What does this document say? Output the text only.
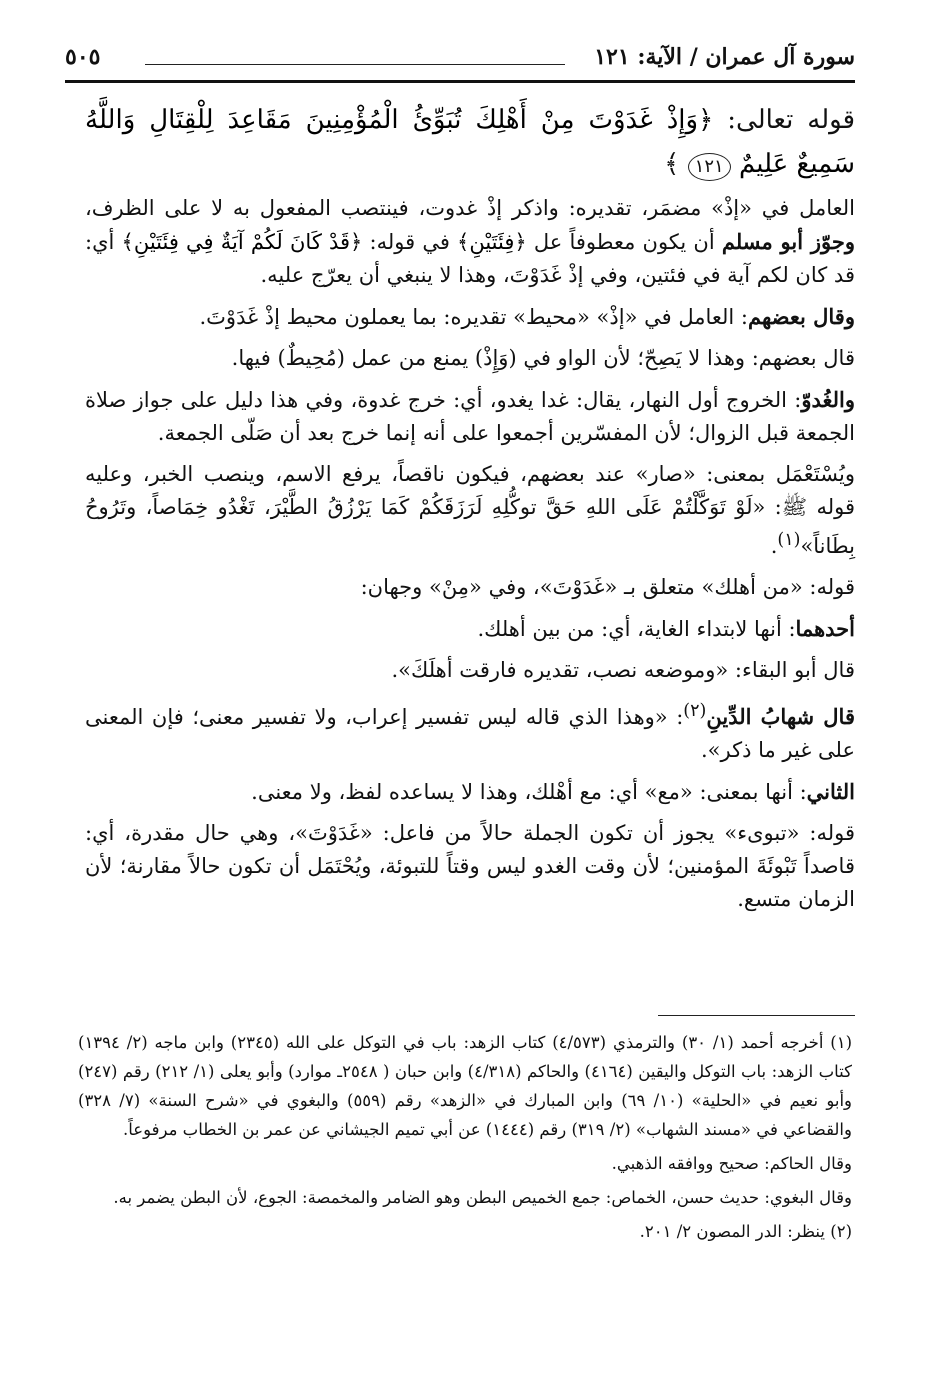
سورة آل عمران / الآية: ١٢١
٥٠٥

قوله تعالى: ﴿وَإِذْ غَدَوْتَ مِنْ أَهْلِكَ تُبَوِّئُ الْمُؤْمِنِينَ مَقَاعِدَ لِلْقِتَالِ وَاللَّهُ سَمِيعٌ عَلِيمٌ ١٢١ ﴾

العامل في «إذْ» مضمَر، تقديره: واذكر إذْ غدوت، فينتصب المفعول به لا على الظرف، وجوّز أبو مسلم أن يكون معطوفاً عل ﴿فِئَتَيْنِ﴾ في قوله: ﴿قَدْ كَانَ لَكُمْ آيَةٌ فِي فِئَتَيْنِ﴾ أي: قد كان لكم آية في فئتين، وفي إذْ غَدَوْتَ، وهذا لا ينبغي أن يعرّج عليه.

وقال بعضهم: العامل في «إذْ» «محيط» تقديره: بما يعملون محيط إذْ غَدَوْتَ.

قال بعضهم: وهذا لا يَصِحّ؛ لأن الواو في (وَإِذْ) يمنع من عمل (مُحِيطٌ) فيها.

والغُدوّ: الخروج أول النهار، يقال: غدا يغدو، أي: خرج غدوة، وفي هذا دليل على جواز صلاة الجمعة قبل الزوال؛ لأن المفسّرين أجمعوا على أنه إنما خرج بعد أن صَلّى الجمعة.

ويُسْتَعْمَل بمعنى: «صار» عند بعضهم، فيكون ناقصاً، يرفع الاسم، وينصب الخبر، وعليه قوله ﷺ: «لَوْ تَوَكَّلْتُمْ عَلَى اللهِ حَقَّ توكُّلِهِ لَرَزَقَكُمْ كَمَا يَرْزُقُ الطَّيْرَ، تَغْدُو خِمَاصاً، وتَرُوحُ بِطَاناً»$^{(١)}$.

قوله: «من أهلك» متعلق بـ «غَدَوْتَ»، وفي «مِنْ» وجهان:

أحدهما: أنها لابتداء الغاية، أي: من بين أهلك.

قال أبو البقاء: «وموضعه نصب، تقديره فارقت أهلَكَ».

قال شهابُ الدِّينِ$^{(٢)}$: «وهذا الذي قاله ليس تفسير إعراب، ولا تفسير معنى؛ فإن المعنى على غير ما ذكر».

الثاني: أنها بمعنى: «مع» أي: مع أهْلك، وهذا لا يساعده لفظ، ولا معنى.

قوله: «تبوىء» يجوز أن تكون الجملة حالاً من فاعل: «غَدَوْتَ»، وهي حال مقدرة، أي: قاصداً تَبْوئَةَ المؤمنين؛ لأن وقت الغدو ليس وقتاً للتبوئة، ويُحْتَمَل أن تكون حالاً مقارنة؛ لأن الزمان متسع.

(١) أخرجه أحمد (١/ ٣٠) والترمذي (٤/٥٧٣) كتاب الزهد: باب في التوكل على الله (٢٣٤٥) وابن ماجه (٢/ ١٣٩٤) كتاب الزهد: باب التوكل واليقين (٤١٦٤) والحاكم (٤/٣١٨) وابن حبان ( ٢٥٤٨ـ موارد) وأبو يعلى (١/ ٢١٢) رقم (٢٤٧) وأبو نعيم في «الحلية» (١٠/ ٦٩) وابن المبارك في «الزهد» رقم (٥٥٩) والبغوي في «شرح السنة» (٧/ ٣٢٨) والقضاعي في «مسند الشهاب» (٢/ ٣١٩) رقم (١٤٤٤) عن أبي تميم الجيشاني عن عمر بن الخطاب مرفوعاً.

وقال الحاكم: صحيح ووافقه الذهبي.

وقال البغوي: حديث حسن، الخماص: جمع الخميص البطن وهو الضامر والمخمصة: الجوع، لأن البطن يضمر به.

(٢) ينظر: الدر المصون ٢/ ٢٠١.
